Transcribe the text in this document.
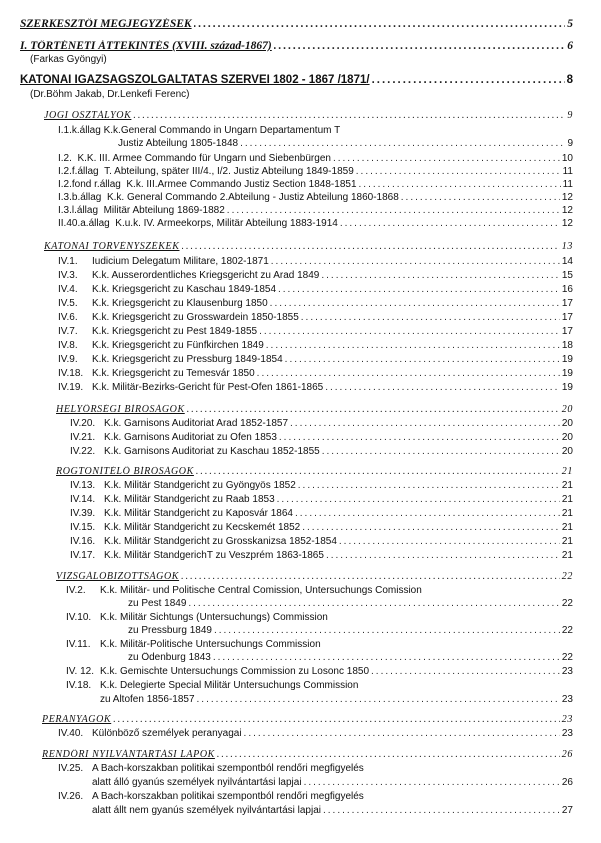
SZERKESZTŐI MEGJEGYZÉSEK .....	5
I. TÖRTÉNETI ÁTTEKINTÉS (XVIII. század-1867) .....	6
(Farkas Gyöngyi)
KATONAI IGAZSÁGSZOLGÁLTATÁS SZERVEI 1802 - 1867 /1871/ .....	8
(Dr.Böhm Jakab, Dr.Lenkefi Ferenc)
JOGI OSZTÁLYOK .....	9
I.1.k.állag K.k.General Commando in Ungarn Departamentum T
Justiz Abteilung 1805-1848 .....	9
I.2. K.K. III. Armee Commando für Ungarn und Siebenbürgen .....	10
I.2.f.állag T. Abteilung, später III/4., I/2. Justiz Abteilung 1849-1859 .....	11
I.2.fond r.állag K.k. III.Armee Commando Justiz Section 1848-1851 .....	11
I.3.b.állag K.k. General Commando 2.Abteilung - Justiz Abteilung 1860-1868 .....	12
I.3.l.állag Militär Abteilung 1869-1882 .....	12
II.40.a.állag K.u.k. IV. Armeekorps, Militär Abteilung 1883-1914 .....	12
KATONAI TÖRVÉNYSZÉKEK .....	13
IV.1. Iudicium Delegatum Militare, 1802-1871 .....	14
IV.3. K.k. Ausserordentliches Kriegsgericht zu Arad 1849 .....	15
IV.4. K.k. Kriegsgericht zu Kaschau 1849-1854 .....	16
IV.5. K.k. Kriegsgericht zu Klausenburg 1850 .....	17
IV.6. K.k. Kriegsgericht zu Grosswardein 1850-1855 .....	17
IV.7. K.k. Kriegsgericht zu Pest 1849-1855 .....	17
IV.8. K.k. Kriegsgericht zu Fünfkirchen 1849 .....	18
IV.9. K.k. Kriegsgericht zu Pressburg 1849-1854 .....	19
IV.18. K.k. Kriegsgericht zu Temesvár 1850 .....	19
IV.19. K.k. Militär-Bezirks-Gericht für Pest-Ofen 1861-1865 .....	19
HELYŐRSÉGI BÍRÓSÁGOK .....	20
IV.20. K.k. Garnisons Auditoriat Arad 1852-1857 .....	20
IV.21. K.k. Garnisons Auditoriat zu Ofen 1853 .....	20
IV.22. K.k. Garnisons Auditoriat zu Kaschau 1852-1855 .....	20
RÖGTÖNÍTÉLŐ BÍRÓSÁGOK .....	21
IV.13. K.k. Militär Standgericht zu Gyöngyös 1852 .....	21
IV.14. K.k. Militär Standgericht zu Raab 1853 .....	21
IV.39. K.k. Militär Standgericht zu Kaposvár 1864 .....	21
IV.15. K.k. Militär Standgericht zu Kecskemét 1852 .....	21
IV.16. K.k. Militär Standgericht zu Grosskanizsa 1852-1854 .....	21
IV.17. K.k. Militär StandgerichT zu Veszprém 1863-1865 .....	21
VIZSGÁLÓBIZOTTSÁGOK .....	22
IV.2. K.k. Militär- und Politische Central Comission, Untersuchungs Comission
zu Pest 1849 .....	22
IV.10. K.k. Militär Sichtungs (Untersuchungs) Commission
zu Pressburg 1849 .....	22
IV.11. K.k. Militär-Politische Untersuchungs Commission
zu Ödenburg 1843 .....	22
IV. 12. K.k. Gemischte Untersuchungs Commission zu Losonc 1850 .....	23
IV.18. K.k. Delegierte Special Militär Untersuchungs Commission
zu Altofen 1856-1857 .....	23
PERANYAGOK .....	23
IV.40. Különböző személyek peranyagai .....	23
RENDŐRI NYILVÁNTARTÁSI LAPOK .....	26
IV.25. A Bach-korszakban politikai szempontból rendőri megfigyelés
alatt álló gyanús személyek nyilvántartási lapjai .....	26
IV.26. A Bach-korszakban politikai szempontból rendőri megfigyelés
alatt állt nem gyanús személyek nyilvántartási lapjai .....	27
